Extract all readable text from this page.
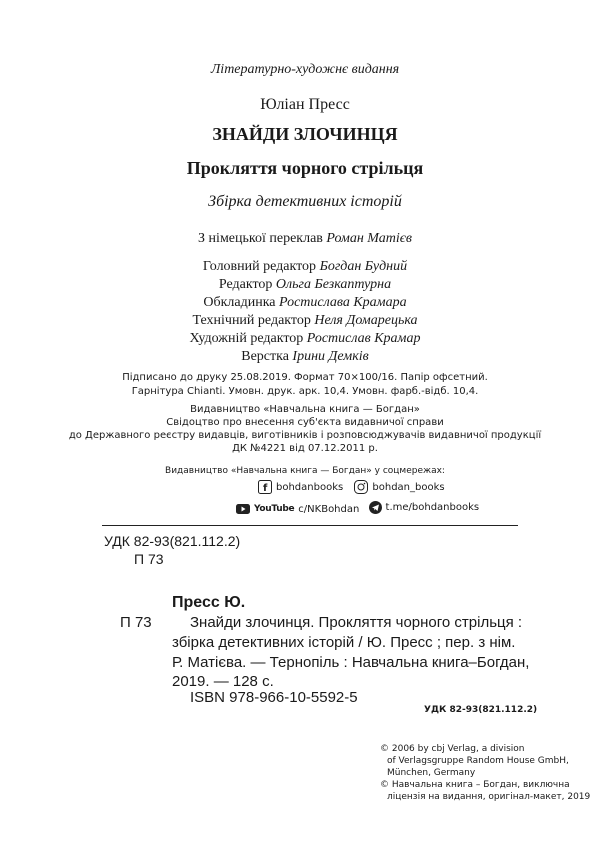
Літературно-художнє видання
Юліан Пресс
ЗНАЙДИ ЗЛОЧИНЦЯ
Прокляття чорного стрільця
Збірка детективних історій
З німецької переклав Роман Матієв
Головний редактор Богдан Будний
Редактор Ольга Безкаптурна
Обкладинка Ростислава Крамара
Технічний редактор Неля Домарецька
Художній редактор Ростислав Крамар
Верстка Ірини Демків
Підписано до друку 25.08.2019. Формат 70×100/16. Папір офсетний.
Гарнітура Chianti. Умовн. друк. арк. 10,4. Умовн. фарб.-відб. 10,4.
Видавництво «Навчальна книга — Богдан»
Свідоцтво про внесення суб'єкта видавничої справи
до Державного реєстру видавців, виготівників і розповсюджувачів видавничої продукції
ДК №4221 від 07.12.2011 р.
Видавництво «Навчальна книга — Богдан» у соцмережах:
f bohdanbooks
	bohdan_books
YouTube c/NKBohdan
	t.me/bohdanbooks
УДК 82-93(821.112.2)
П 73
Пресс Ю.
П 73	Знайди злочинця. Прокляття чорного стрільця :
збірка детективних історій / Ю. Пресс ; пер. з нім.
Р. Матієва. — Тернопіль : Навчальна книга–Богдан,
2019. — 128 с.
ISBN 978-966-10-5592-5
УДК 82-93(821.112.2)
© 2006 by cbj Verlag, a division
of Verlagsgruppe Random House GmbH,
München, Germany
© Навчальна книга – Богдан, виключна
ліцензія на видання, оригінал-макет, 2019
